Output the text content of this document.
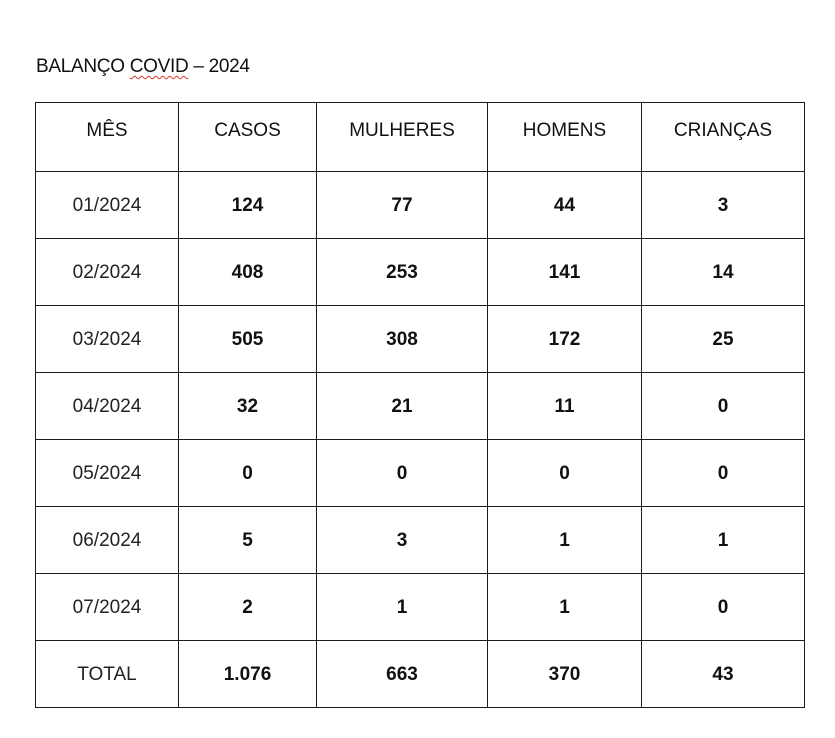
BALANÇO COVID – 2024
MÊS	CASOS	MULHERES	HOMENS	CRIANÇAS
01/2024	124	77	44	3
02/2024	408	253	141	14
03/2024	505	308	172	25
04/2024	32	21	11	0
05/2024	0	0	0	0
06/2024	5	3	1	1
07/2024	2	1	1	0
TOTAL	1.076	663	370	43
